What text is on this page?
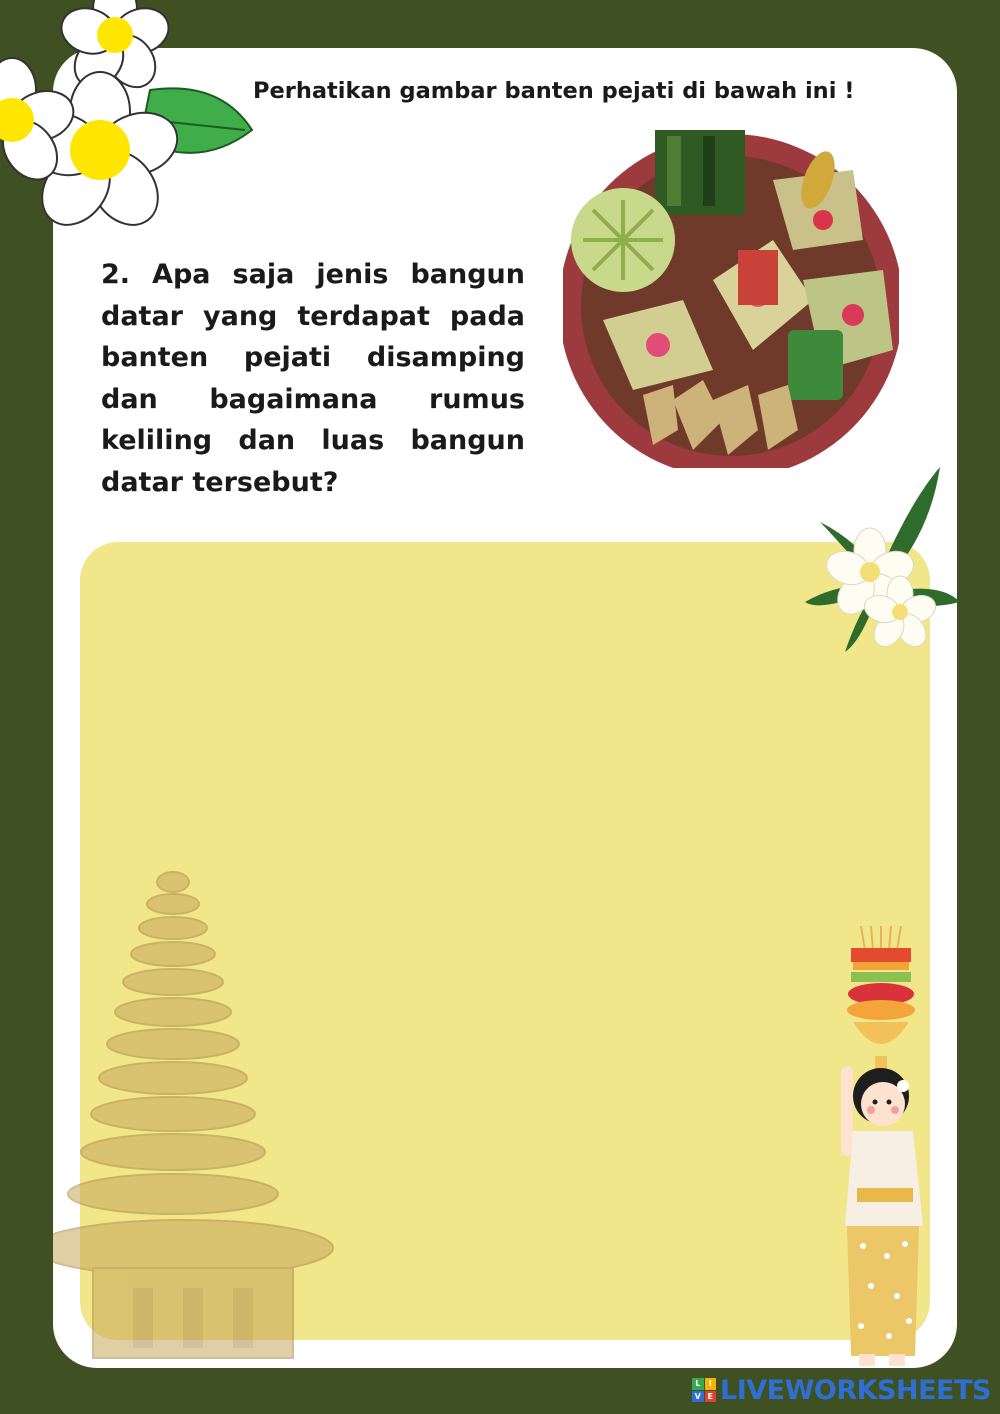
Perhatikan gambar banten pejati di bawah ini !

2. Apa saja jenis bangun datar yang terdapat pada banten pejati disamping dan bagaimana rumus keliling dan luas bangun datar tersebut?

L	I
V E LIVEWORKSHEETS
